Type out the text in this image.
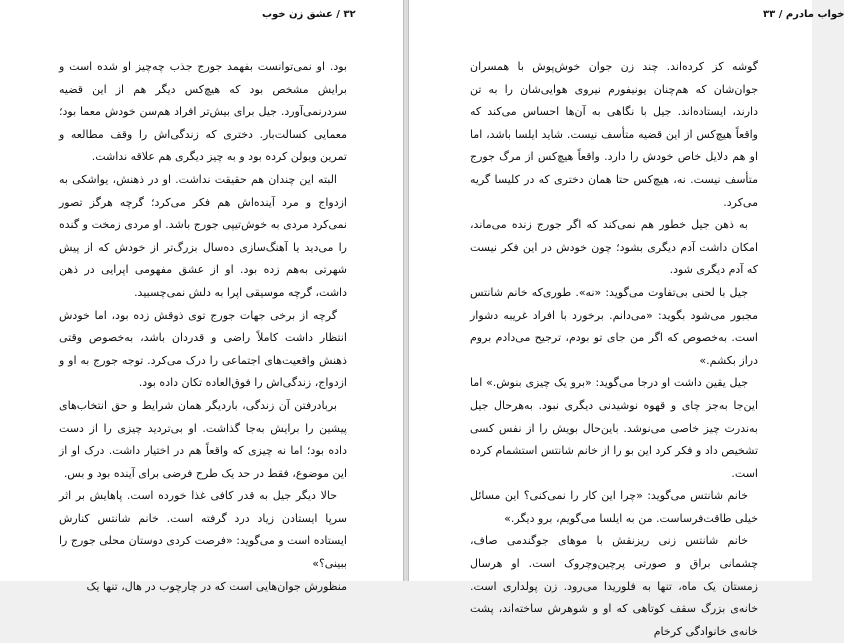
۳۲ / عشق زن خوب

بود. او نمی‌توانست بفهمد جورج جذب چه‌چیز او شده است و برایش مشخص بود که هیچ‌کس دیگر هم از این قضیه سردرنمی‌آورد. جیل برای بیش‌تر افراد هم‌سن خودش معما بود؛ معمایی کسالت‌بار. دختری که زندگی‌اش را وقف مطالعه و تمرین ویولن کرده بود و به چیز دیگری هم علاقه نداشت.

البته این چندان هم حقیقت نداشت. او در ذهنش، یواشکی به ازدواج و مرد آینده‌اش هم فکر می‌کرد؛ گرچه هرگز تصور نمی‌کرد مردی به خوش‌تیپی جورج باشد. او مردی زمخت و گنده را می‌دید یا آهنگ‌سازی ده‌سال بزرگ‌تر از خودش که از پیش شهرتی به‌هم زده بود. او از عشق مفهومی اپرایی در ذهن داشت، گرچه موسیقی اپرا به دلش نمی‌چسبید.

گرچه از برخی جهات جورج توی ذوقش زده بود، اما خودش انتظار داشت کاملاً راضی و قدردان باشد، به‌خصوص وقتی ذهنش واقعیت‌های اجتماعی را درک می‌کرد. توجه جورج به او و ازدواج، زندگی‌اش را فوق‌العاده تکان داده بود.

بربادرفتن آن زندگی، باردیگر همان شرایط و حق انتخاب‌های پیشین را برایش به‌جا گذاشت. او بی‌تردید چیزی را از دست داده بود؛ اما نه چیزی که واقعاً هم در اختیار داشت. درک او از این موضوع، فقط در حد یک طرح فرضی برای آینده بود و بس.

حالا دیگر جیل به قدر کافی غذا خورده است. پاهایش بر اثر سرپا ایستادن زیاد درد گرفته است. خانم شانتس کنارش ایستاده است و می‌گوید: «فرصت کردی دوستان محلی جورج را ببینی؟»

منظورش جوان‌هایی است که در چارچوب در هال، تنها یک

خواب مادرم / ۳۳

گوشه کز کرده‌اند. چند زن جوان خوش‌پوش با همسران جوان‌شان که هم‌چنان یونیفورم نیروی هوایی‌شان را به تن دارند، ایستاده‌اند. جیل با نگاهی به آن‌ها احساس می‌کند که واقعاً هیچ‌کس از این قضیه متأسف نیست. شاید ایلسا باشد، اما او هم دلایل خاص خودش را دارد. واقعاً هیچ‌کس از مرگ جورج متأسف نیست. نه، هیچ‌کس حتا همان دختری که در کلیسا گریه می‌کرد.

به ذهن جیل خطور هم نمی‌کند که اگر جورج زنده می‌ماند، امکان داشت آدم دیگری بشود؛ چون خودش در این فکر نیست که آدم دیگری شود.

جیل با لحنی بی‌تفاوت می‌گوید: «نه». طوری‌که خانم شانتس مجبور می‌شود بگوید: «می‌دانم. برخورد با افراد غریبه دشوار است. به‌خصوص که اگر من جای تو بودم، ترجیح می‌دادم بروم دراز بکشم.»

جیل یقین داشت او درجا می‌گوید: «برو یک چیزی بنوش.» اما این‌جا به‌جز چای و قهوه نوشیدنی دیگری نبود. به‌هرحال جیل به‌ندرت چیز خاصی می‌نوشد. باین‌حال بویش را از نفس کسی تشخیص داد و فکر کرد این بو را از خانم شانتس استشمام کرده است.

خانم شانتس می‌گوید: «چرا این کار را نمی‌کنی؟ این مسائل خیلی طاقت‌فرساست. من به ایلسا می‌گویم، برو دیگر.»

خانم شانتس زنی ریزنقش با موهای جوگندمی صاف، چشمانی براق و صورتی پرچین‌وچروک است. او هرسال زمستان یک ماه، تنها به فلوریدا می‌رود. زن پولداری است. خانه‌ی بزرگ سقف کوتاهی که او و شوهرش ساخته‌اند، پشت خانه‌ی خانوادگی کرخام
